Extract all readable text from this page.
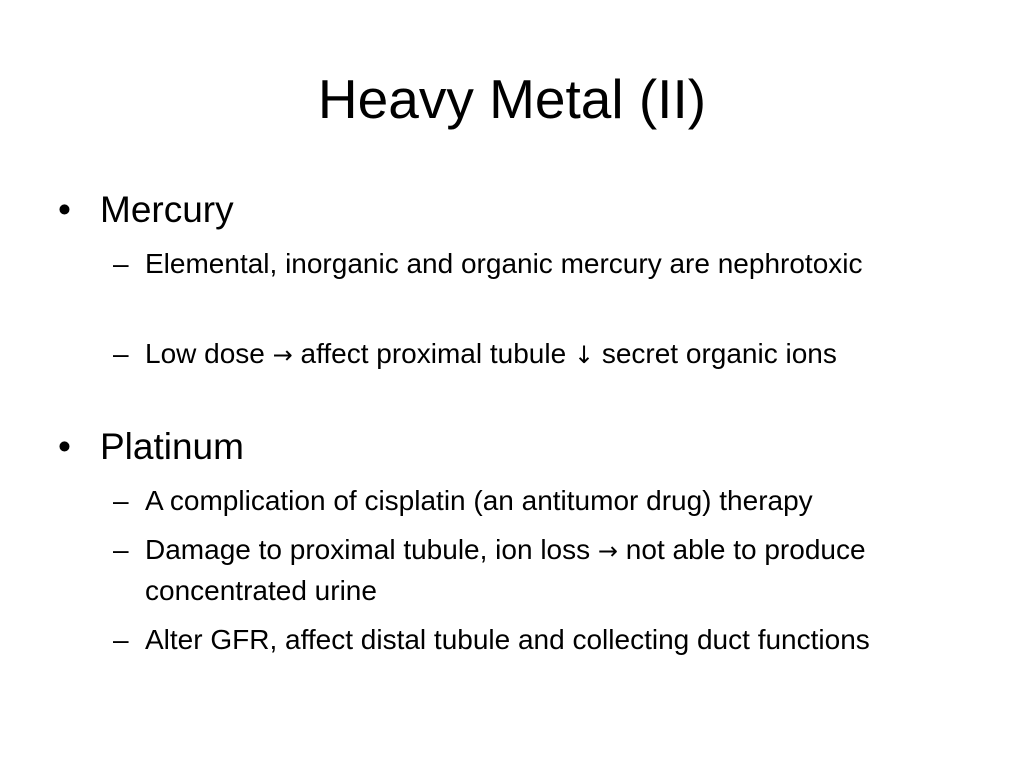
Heavy Metal (II)
• Mercury
– Elemental, inorganic and organic mercury are nephrotoxic
– Low dose → affect proximal tubule ↓ secret organic ions
• Platinum
– A complication of cisplatin (an antitumor drug) therapy
– Damage to proximal tubule, ion loss → not able to produce concentrated urine
– Alter GFR, affect distal tubule and collecting duct functions
